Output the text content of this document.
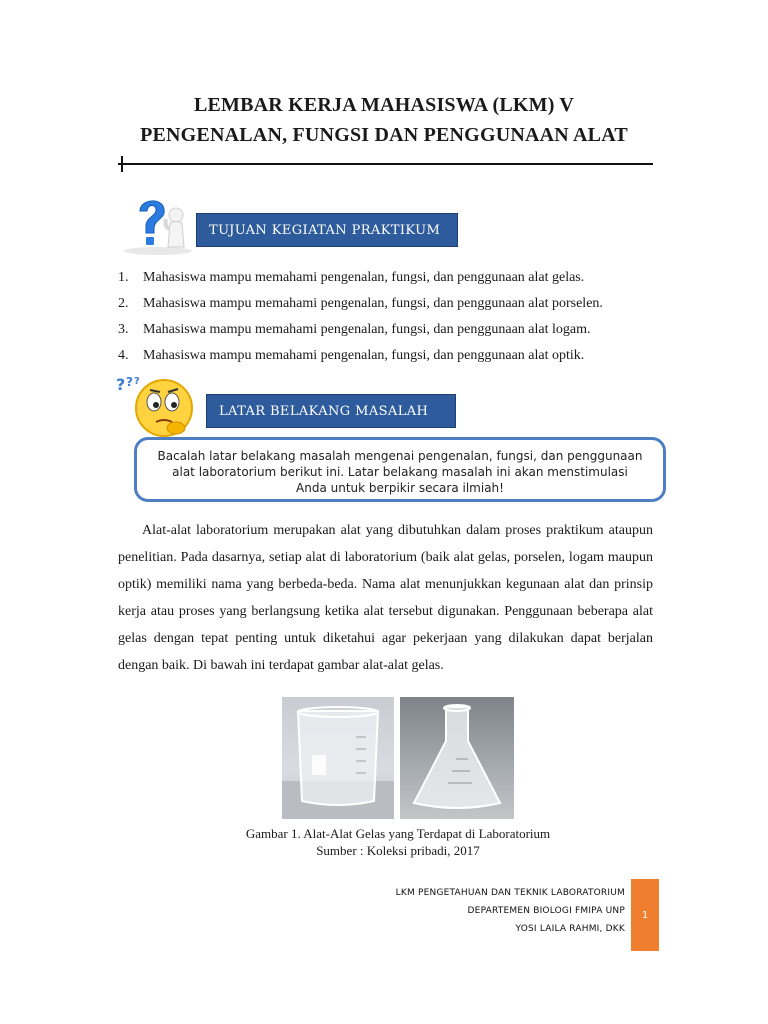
LEMBAR KERJA MAHASISWA (LKM) V
PENGENALAN, FUNGSI DAN PENGGUNAAN ALAT
TUJUAN KEGIATAN PRAKTIKUM
1.	Mahasiswa mampu memahami pengenalan, fungsi, dan penggunaan alat gelas.
2.	Mahasiswa mampu memahami pengenalan, fungsi, dan penggunaan alat porselen.
3.	Mahasiswa mampu memahami pengenalan, fungsi, dan penggunaan alat logam.
4.	Mahasiswa mampu memahami pengenalan, fungsi, dan penggunaan alat optik.
? ? ?
LATAR BELAKANG MASALAH
Bacalah latar belakang masalah mengenai pengenalan, fungsi, dan penggunaan
alat laboratorium berikut ini. Latar belakang masalah ini akan menstimulasi
Anda untuk berpikir secara ilmiah!
Alat-alat laboratorium merupakan alat yang dibutuhkan dalam proses praktikum ataupun penelitian. Pada dasarnya, setiap alat di laboratorium (baik alat gelas, porselen, logam maupun optik) memiliki nama yang berbeda-beda. Nama alat menunjukkan kegunaan alat dan prinsip kerja atau proses yang berlangsung ketika alat tersebut digunakan. Penggunaan beberapa alat gelas dengan tepat penting untuk diketahui agar pekerjaan yang dilakukan dapat berjalan dengan baik. Di bawah ini terdapat gambar alat-alat gelas.
Gambar 1. Alat-Alat Gelas yang Terdapat di Laboratorium
Sumber : Koleksi pribadi, 2017
LKM PENGETAHUAN DAN TEKNIK LABORATORIUM
DEPARTEMEN BIOLOGI FMIPA UNP
YOSI LAILA RAHMI, DKK
1
